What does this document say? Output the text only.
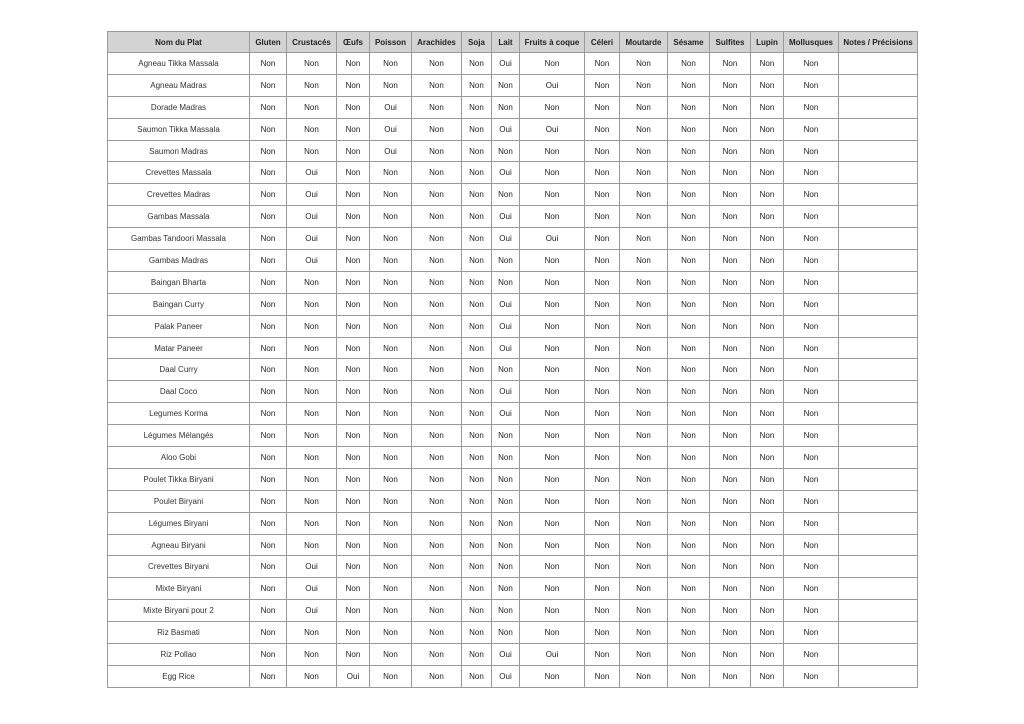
Nom du Plat	Gluten	Crustacés	Œufs	Poisson	Arachides	Soja	Lait	Fruits à coque	Céleri	Moutarde	Sésame	Sulfites	Lupin	Mollusques	Notes / Précisions
Agneau Tikka Massala	Non	Non	Non	Non	Non	Non	Oui	Non	Non	Non	Non	Non	Non	Non	
Agneau Madras	Non	Non	Non	Non	Non	Non	Non	Oui	Non	Non	Non	Non	Non	Non	
Dorade Madras	Non	Non	Non	Oui	Non	Non	Non	Non	Non	Non	Non	Non	Non	Non	
Saumon Tikka Massala	Non	Non	Non	Oui	Non	Non	Oui	Oui	Non	Non	Non	Non	Non	Non	
Saumon Madras	Non	Non	Non	Oui	Non	Non	Non	Non	Non	Non	Non	Non	Non	Non	
Crevettes Massala	Non	Oui	Non	Non	Non	Non	Oui	Non	Non	Non	Non	Non	Non	Non	
Crevettes Madras	Non	Oui	Non	Non	Non	Non	Non	Non	Non	Non	Non	Non	Non	Non	
Gambas Massala	Non	Oui	Non	Non	Non	Non	Oui	Non	Non	Non	Non	Non	Non	Non	
Gambas Tandoori Massala	Non	Oui	Non	Non	Non	Non	Oui	Oui	Non	Non	Non	Non	Non	Non	
Gambas Madras	Non	Oui	Non	Non	Non	Non	Non	Non	Non	Non	Non	Non	Non	Non	
Baingan Bharta	Non	Non	Non	Non	Non	Non	Non	Non	Non	Non	Non	Non	Non	Non	
Baingan Curry	Non	Non	Non	Non	Non	Non	Oui	Non	Non	Non	Non	Non	Non	Non	
Palak Paneer	Non	Non	Non	Non	Non	Non	Oui	Non	Non	Non	Non	Non	Non	Non	
Matar Paneer	Non	Non	Non	Non	Non	Non	Oui	Non	Non	Non	Non	Non	Non	Non	
Daal Curry	Non	Non	Non	Non	Non	Non	Non	Non	Non	Non	Non	Non	Non	Non	
Daal Coco	Non	Non	Non	Non	Non	Non	Oui	Non	Non	Non	Non	Non	Non	Non	
Legumes Korma	Non	Non	Non	Non	Non	Non	Oui	Non	Non	Non	Non	Non	Non	Non	
Légumes Mélangés	Non	Non	Non	Non	Non	Non	Non	Non	Non	Non	Non	Non	Non	Non	
Aloo Gobi	Non	Non	Non	Non	Non	Non	Non	Non	Non	Non	Non	Non	Non	Non	
Poulet Tikka Biryani	Non	Non	Non	Non	Non	Non	Non	Non	Non	Non	Non	Non	Non	Non	
Poulet Biryani	Non	Non	Non	Non	Non	Non	Non	Non	Non	Non	Non	Non	Non	Non	
Légumes Biryani	Non	Non	Non	Non	Non	Non	Non	Non	Non	Non	Non	Non	Non	Non	
Agneau Biryani	Non	Non	Non	Non	Non	Non	Non	Non	Non	Non	Non	Non	Non	Non	
Crevettes Biryani	Non	Oui	Non	Non	Non	Non	Non	Non	Non	Non	Non	Non	Non	Non	
Mixte Biryani	Non	Oui	Non	Non	Non	Non	Non	Non	Non	Non	Non	Non	Non	Non	
Mixte Biryani pour 2	Non	Oui	Non	Non	Non	Non	Non	Non	Non	Non	Non	Non	Non	Non	
Riz Basmati	Non	Non	Non	Non	Non	Non	Non	Non	Non	Non	Non	Non	Non	Non	
Riz Pollao	Non	Non	Non	Non	Non	Non	Oui	Oui	Non	Non	Non	Non	Non	Non	
Egg Rice	Non	Non	Oui	Non	Non	Non	Oui	Non	Non	Non	Non	Non	Non	Non	
